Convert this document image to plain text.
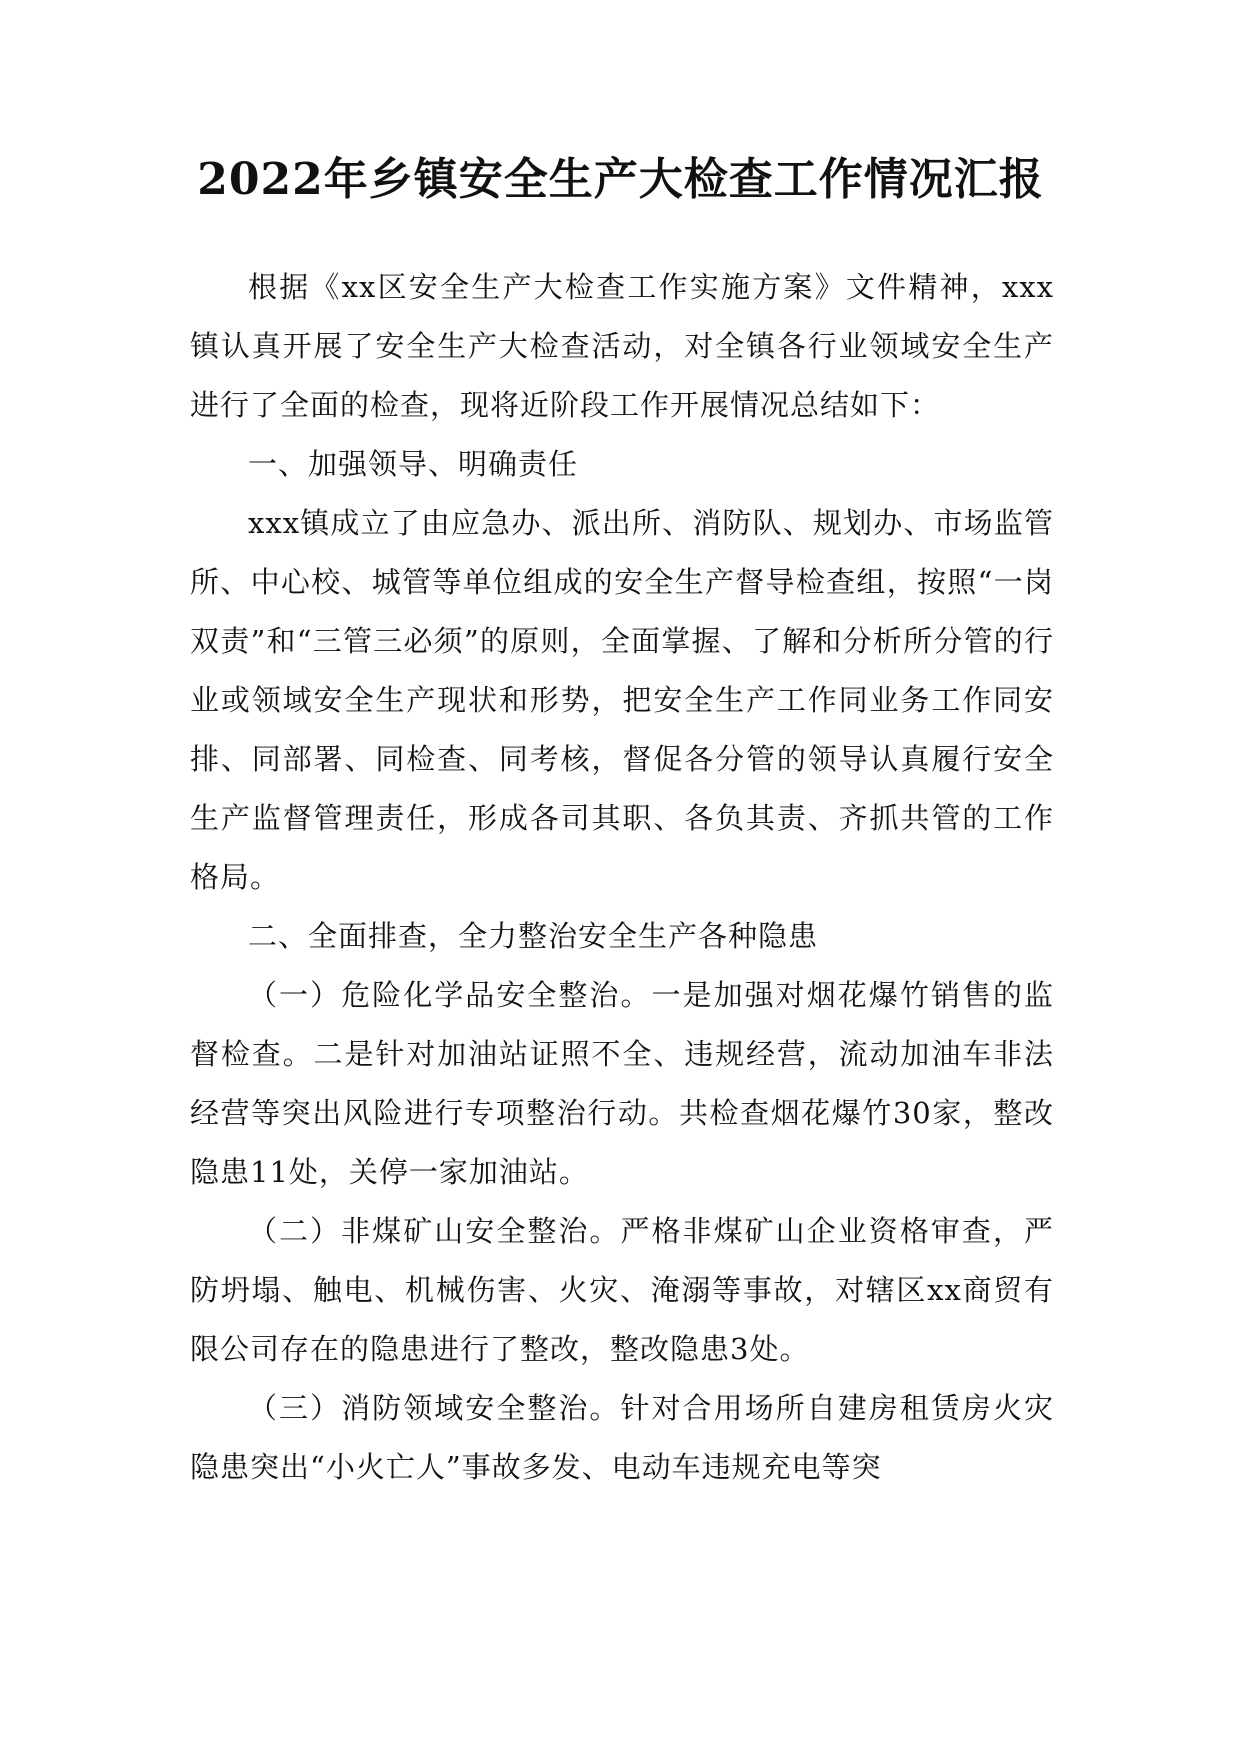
2022年乡镇安全生产大检查工作情况汇报

根据《xx区安全生产大检查工作实施方案》文件精神，xxx镇认真开展了安全生产大检查活动，对全镇各行业领域安全生产进行了全面的检查，现将近阶段工作开展情况总结如下：

一、加强领导、明确责任

xxx镇成立了由应急办、派出所、消防队、规划办、市场监管所、中心校、城管等单位组成的安全生产督导检查组，按照“一岗双责”和“三管三必须”的原则，全面掌握、了解和分析所分管的行业或领域安全生产现状和形势，把安全生产工作同业务工作同安排、同部署、同检查、同考核，督促各分管的领导认真履行安全生产监督管理责任，形成各司其职、各负其责、齐抓共管的工作格局。

二、全面排查，全力整治安全生产各种隐患

（一）危险化学品安全整治。一是加强对烟花爆竹销售的监督检查。二是针对加油站证照不全、违规经营，流动加油车非法经营等突出风险进行专项整治行动。共检查烟花爆竹30家，整改隐患11处，关停一家加油站。

（二）非煤矿山安全整治。严格非煤矿山企业资格审查，严防坍塌、触电、机械伤害、火灾、淹溺等事故，对辖区xx商贸有限公司存在的隐患进行了整改，整改隐患3处。

（三）消防领域安全整治。针对合用场所自建房租赁房火灾隐患突出“小火亡人”事故多发、电动车违规充电等突
